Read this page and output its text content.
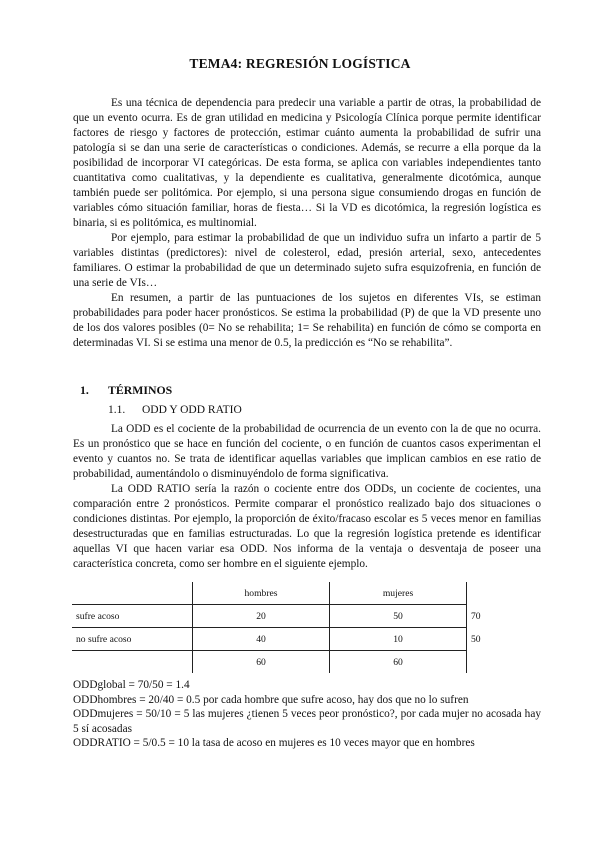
TEMA4: REGRESIÓN LOGÍSTICA

Es una técnica de dependencia para predecir una variable a partir de otras, la probabilidad de que un evento ocurra. Es de gran utilidad en medicina y Psicología Clínica porque permite identificar factores de riesgo y factores de protección, estimar cuánto aumenta la probabilidad de sufrir una patología si se dan una serie de características o condiciones. Además, se recurre a ella porque da la posibilidad de incorporar VI categóricas. De esta forma, se aplica con variables independientes tanto cuantitativa como cualitativas, y la dependiente es cualitativa, generalmente dicotómica, aunque también puede ser politómica. Por ejemplo, si una persona sigue consumiendo drogas en función de variables cómo situación familiar, horas de fiesta… Si la VD es dicotómica, la regresión logística es binaria, si es politómica, es multinomial.

Por ejemplo, para estimar la probabilidad de que un individuo sufra un infarto a partir de 5 variables distintas (predictores): nivel de colesterol, edad, presión arterial, sexo, antecedentes familiares. O estimar la probabilidad de que un determinado sujeto sufra esquizofrenia, en función de una serie de VIs…

En resumen, a partir de las puntuaciones de los sujetos en diferentes VIs, se estiman probabilidades para poder hacer pronósticos. Se estima la probabilidad (P) de que la VD presente uno de los dos valores posibles (0= No se rehabilita; 1= Se rehabilita) en función de cómo se comporta en determinadas VI. Si se estima una menor de 0.5, la predicción es “No se rehabilita”.

1. TÉRMINOS
1.1. ODD Y ODD RATIO

La ODD es el cociente de la probabilidad de ocurrencia de un evento con la de que no ocurra. Es un pronóstico que se hace en función del cociente, o en función de cuantos casos experimentan el evento y cuantos no. Se trata de identificar aquellas variables que implican cambios en ese ratio de probabilidad, aumentándolo o disminuyéndolo de forma significativa.

La ODD RATIO sería la razón o cociente entre dos ODDs, un cociente de cocientes, una comparación entre 2 pronósticos. Permite comparar el pronóstico realizado bajo dos situaciones o condiciones distintas. Por ejemplo, la proporción de éxito/fracaso escolar es 5 veces menor en familias desestructuradas que en familias estructuradas. Lo que la regresión logística pretende es identificar aquellas VI que hacen variar esa ODD. Nos informa de la ventaja o desventaja de poseer una característica concreta, como ser hombre en el siguiente ejemplo.

	hombres	mujeres	
sufre acoso	20	50	70
no sufre acoso	40	10	50
	60	60	
ODDglobal = 70/50 = 1.4
ODDhombres = 20/40 = 0.5 por cada hombre que sufre acoso, hay dos que no lo sufren
ODDmujeres = 50/10 = 5 las mujeres ¿tienen 5 veces peor pronóstico?, por cada mujer no acosada hay 5 sí acosadas
ODDRATIO = 5/0.5 = 10 la tasa de acoso en mujeres es 10 veces mayor que en hombres
